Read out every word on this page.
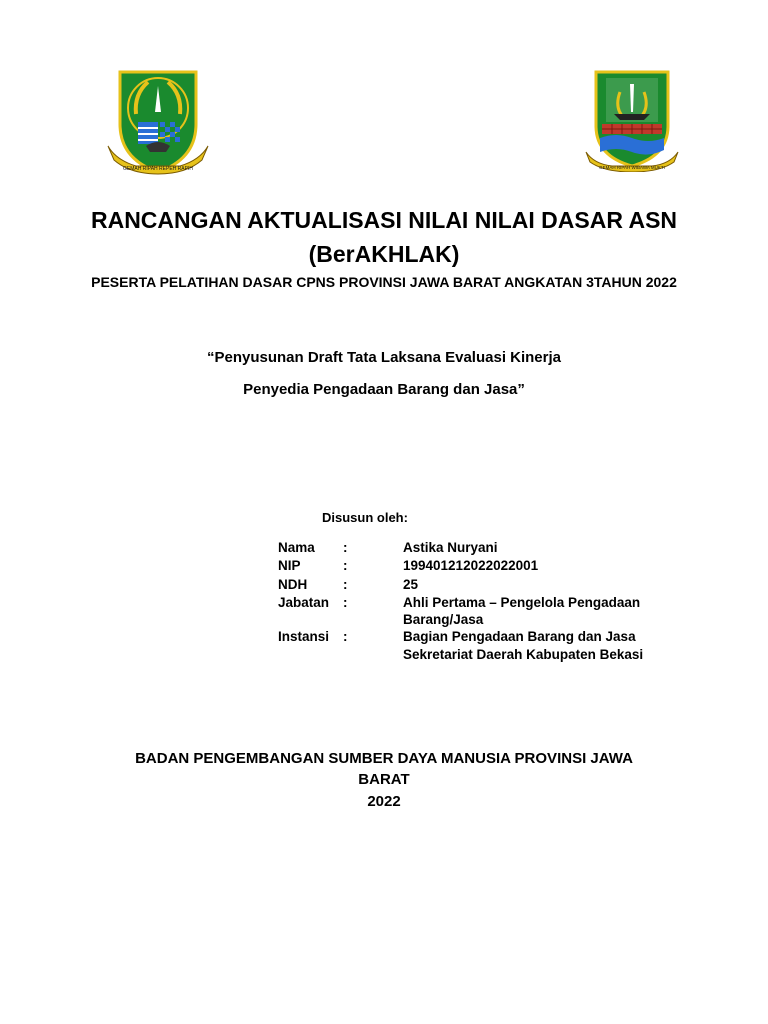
GEMAH RIPAH REPEH RAPIH	GEMAH RIPAH WIBAWA MUKTI
RANCANGAN AKTUALISASI NILAI NILAI DASAR ASN
(BerAKHLAK)
PESERTA PELATIHAN DASAR CPNS PROVINSI JAWA BARAT ANGKATAN 3TAHUN 2022
“Penyusunan Draft Tata Laksana Evaluasi Kinerja
Penyedia Pengadaan Barang dan Jasa”
Disusun oleh:
Nama :	Astika Nuryani
NIP	:	199401212022022001
NDH	:	25
Jabatan :	Ahli Pertama – Pengelola Pengadaan
Barang/Jasa
Instansi :	Bagian Pengadaan Barang dan Jasa
Sekretariat Daerah Kabupaten Bekasi
BADAN PENGEMBANGAN SUMBER DAYA MANUSIA PROVINSI JAWA
BARAT
2022
